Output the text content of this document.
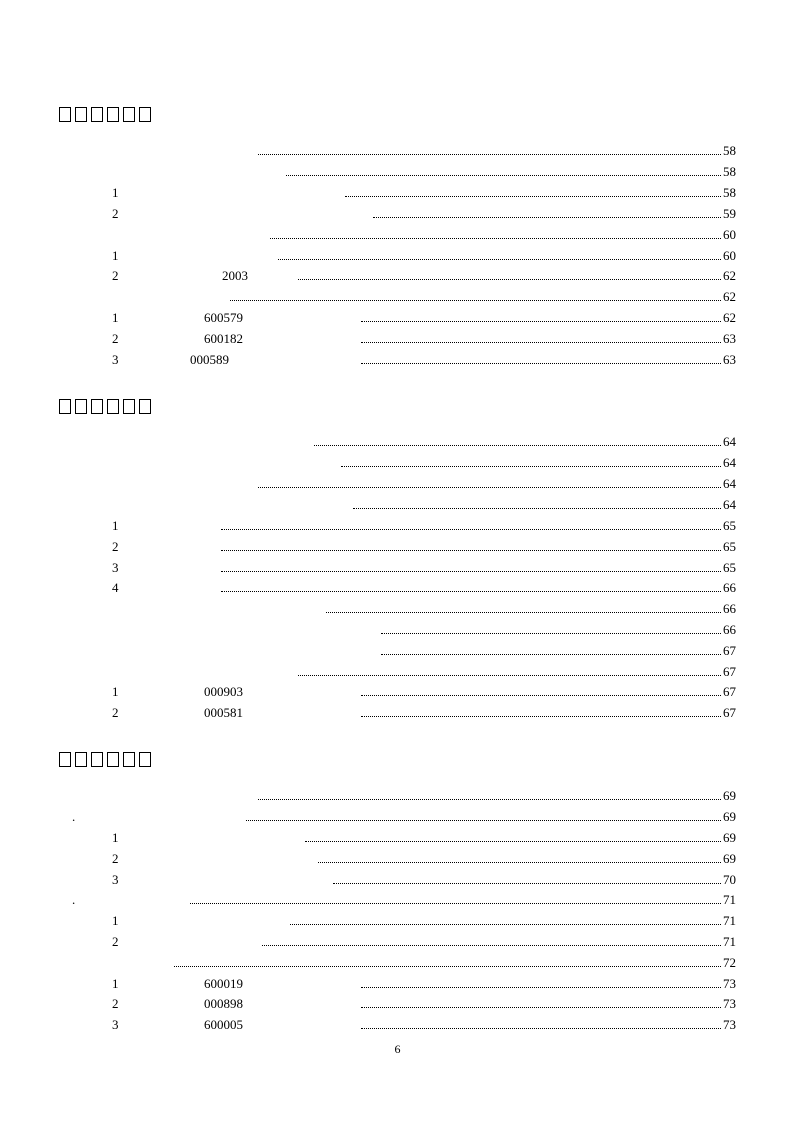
58
58
1	58
2	59
60
1	60
2	2003	62
62
1	600579	62
2	600182	63
3	000589	63
64
64
64
64
1	65
2	65
3	65
4	66
66
66
67
67
1	000903	67
2	000581	67
69
.	69
1	69
2	69
3	70
.	71
1	71
2	71
72
1	600019	73
2	000898	73
3	600005	73
6
